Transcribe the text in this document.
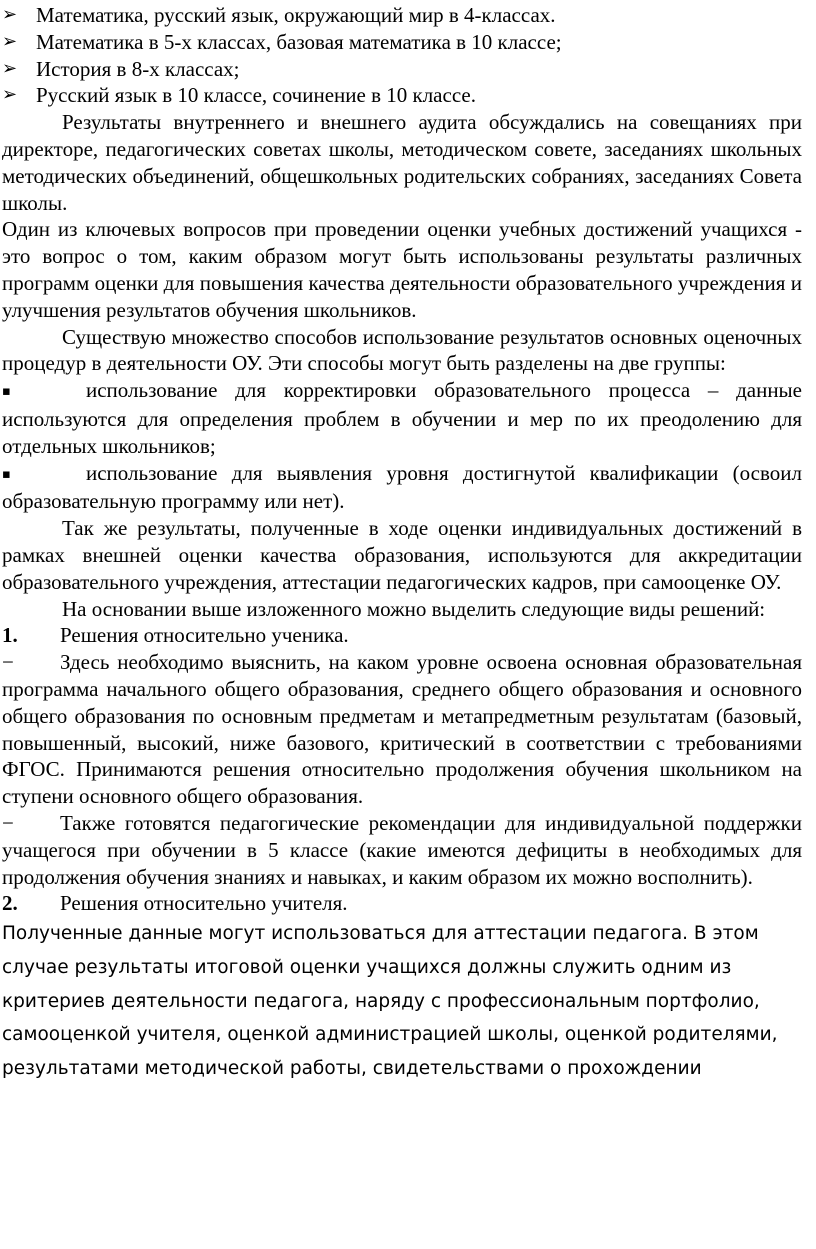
➢ Математика, русский язык, окружающий мир в 4-классах.
➢ Математика в 5-х классах, базовая математика в 10 классе;
➢ История в 8-х классах;
➢ Русский язык в 10 классе, сочинение в 10 классе.

Результаты внутреннего и внешнего аудита обсуждались на совещаниях при директоре, педагогических советах школы, методическом совете, заседаниях школьных методических объединений, общешкольных родительских собраниях, заседаниях Совета школы.

Один из ключевых вопросов при проведении оценки учебных достижений учащихся - это вопрос о том, каким образом могут быть использованы результаты различных программ оценки для повышения качества деятельности образовательного учреждения и улучшения результатов обучения школьников.

Существую множество способов использование результатов основных оценочных процедур в деятельности ОУ. Эти способы могут быть разделены на две группы:

▪	использование для корректировки образовательного процесса – данные используются для определения проблем в обучении и мер по их преодолению для отдельных школьников;

▪	использование для выявления уровня достигнутой квалификации (освоил образовательную программу или нет).

Так же результаты, полученные в ходе оценки индивидуальных достижений в рамках внешней оценки качества образования, используются для аккредитации образовательного учреждения, аттестации педагогических кадров, при самооценке ОУ.

На основании выше изложенного можно выделить следующие виды решений:

1. Решения относительно ученика.

− Здесь необходимо выяснить, на каком уровне освоена основная образовательная программа начального общего образования, среднего общего образования и основного общего образования по основным предметам и метапредметным результатам (базовый, повышенный, высокий, ниже базового, критический в соответствии с требованиями ФГОС. Принимаются решения относительно продолжения обучения школьником на ступени основного общего образования.

− Также готовятся педагогические рекомендации для индивидуальной поддержки учащегося при обучении в 5 классе (какие имеются дефициты в необходимых для продолжения обучения знаниях и навыках, и каким образом их можно восполнить).

2. Решения относительно учителя.

Полученные данные могут использоваться для аттестации педагога. В этом случае результаты итоговой оценки учащихся должны служить одним из критериев деятельности педагога, наряду с профессиональным портфолио, самооценкой учителя, оценкой администрацией школы, оценкой родителями, результатами методической работы, свидетельствами о прохождении
